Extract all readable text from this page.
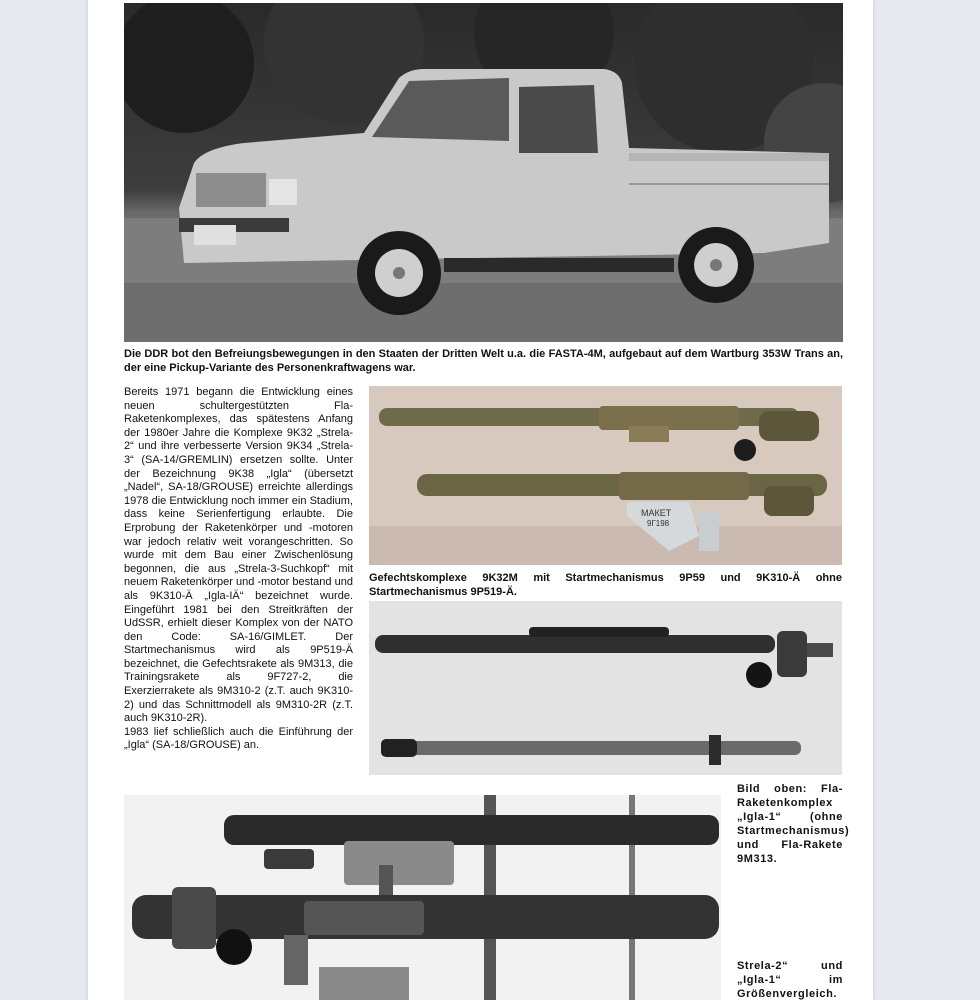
Die DDR bot den Befreiungsbewegungen in den Staaten der Dritten Welt u.a. die FASTA-4M, aufgebaut auf dem Wartburg 353W Trans an, der eine Pickup-Variante des Personenkraftwagens war.

Bereits 1971 begann die Entwicklung eines neuen schultergestützten Fla-Raketenkomplexes, das spätestens Anfang der 1980er Jahre die Komplexe 9K32 „Strela-2“ und ihre verbesserte Version 9K34 „Strela-3“ (SA-14/GREMLIN) ersetzen sollte. Unter der Bezeichnung 9K38 „Igla“ (übersetzt „Nadel“, SA-18/GROUSE) erreichte allerdings 1978 die Entwicklung noch immer ein Stadium, dass keine Serienfertigung erlaubte. Die Erprobung der Raketenkörper und -motoren war jedoch relativ weit vorangeschritten. So wurde mit dem Bau einer Zwischenlösung begonnen, die aus „Strela-3-Suchkopf“ mit neuem Raketenkörper und -motor bestand und als 9K310-Ä „Igla-IÄ“ bezeichnet wurde. Eingeführt 1981 bei den Streitkräften der UdSSR, erhielt dieser Komplex von der NATO den Code: SA-16/GIMLET. Der Startmechanismus wird als 9P519-Ä bezeichnet, die Gefechtsrakete als 9M313, die Trainingsrakete als 9F727-2, die Exerzierrakete als 9M310-2 (z.T. auch 9K310-2) und das Schnittmodell als 9M310-2R (z.T. auch 9K310-2R).

1983 lief schließlich auch die Einführung der „Igla“ (SA-18/GROUSE) an.

МАКЕТ
9Г198
Gefechtskomplexe 9K32M mit Startmechanismus 9P59 und 9K310-Ä ohne Startmechanismus 9P519-Ä.
Bild oben: Fla-Raketenkomplex „Igla-1“ (ohne Startmechanismus) und Fla-Rakete 9M313.
Strela-2“ und „Igla-1“ im Größenvergleich.
